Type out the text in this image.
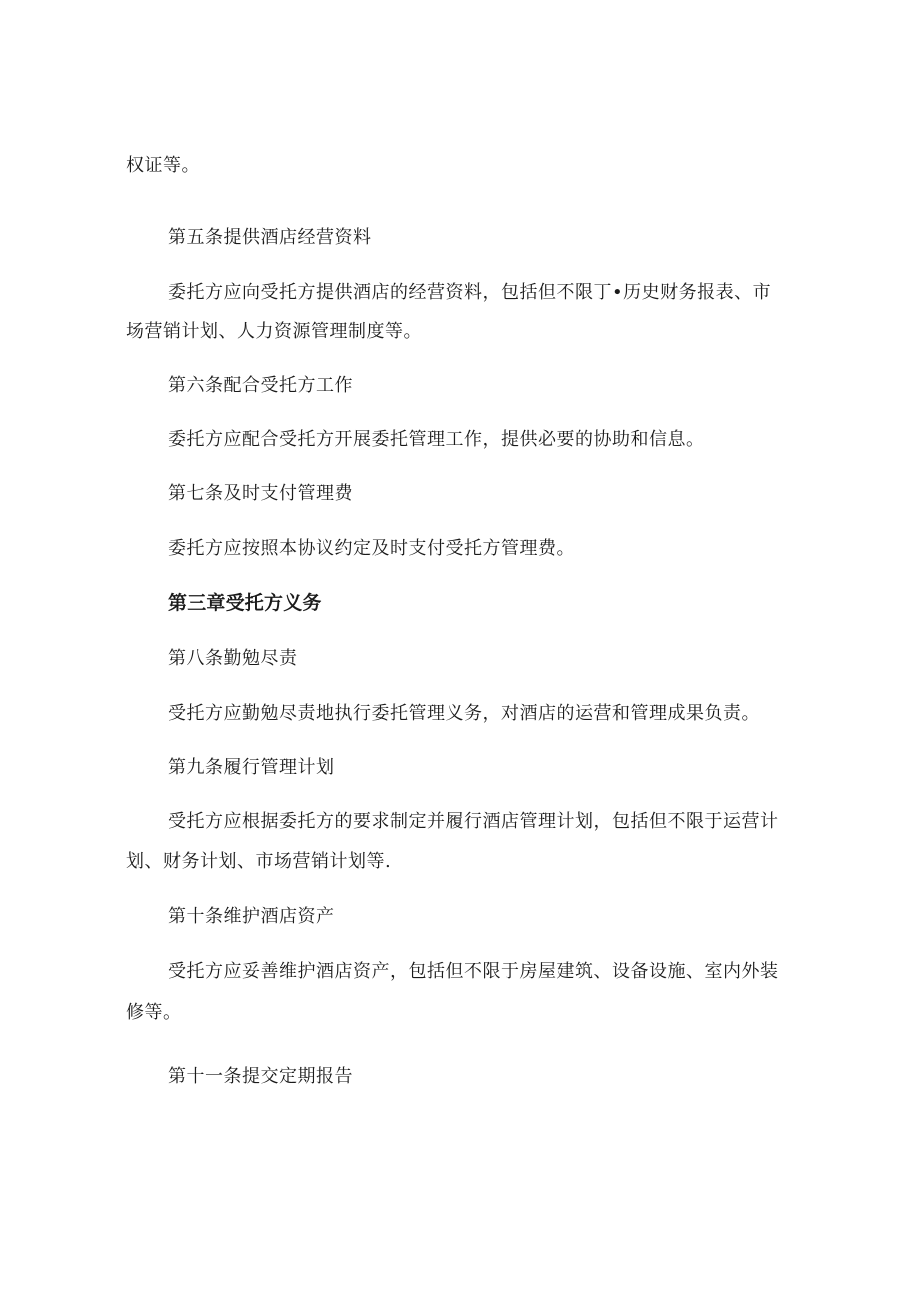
权证等。
第五条提供酒店经营资料
委托方应向受托方提供酒店的经营资料，包括但不限丁•历史财务报表、市
场营销计划、人力资源管理制度等。
第六条配合受托方工作
委托方应配合受托方开展委托管理工作，提供必要的协助和信息。
第七条及时支付管理费
委托方应按照本协议约定及时支付受托方管理费。
第三章受托方义务
第八条勤勉尽责
受托方应勤勉尽责地执行委托管理义务，对酒店的运营和管理成果负责。
第九条履行管理计划
受托方应根据委托方的要求制定并履行酒店管理计划，包括但不限于运营计
划、财务计划、市场营销计划等.
第十条维护酒店资产
受托方应妥善维护酒店资产，包括但不限于房屋建筑、设备设施、室内外装
修等。
第十一条提交定期报告
